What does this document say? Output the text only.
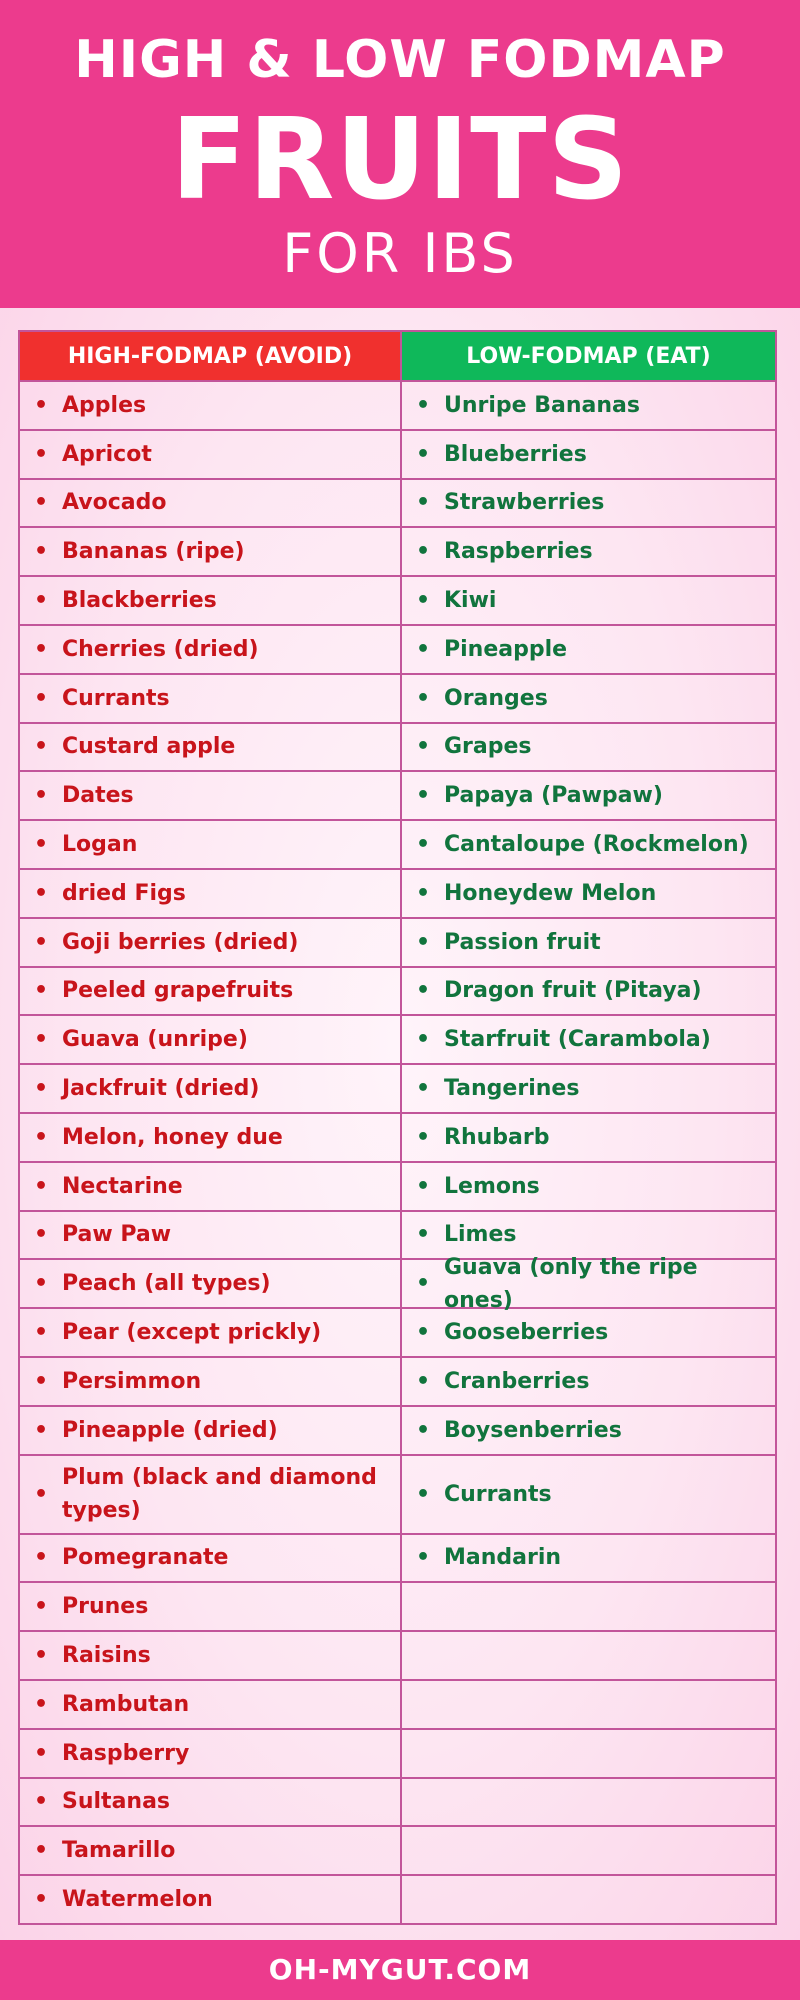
HIGH & LOW FODMAP
FRUITS
FOR IBS
HIGH-FODMAP (AVOID)	LOW-FODMAP (EAT)
• Apples
• Apricot
• Avocado
• Bananas (ripe)
• Blackberries
• Cherries (dried)
• Currants
• Custard apple
• Dates
• Logan
• dried Figs
• Goji berries (dried)
• Peeled grapefruits
• Guava (unripe)
• Jackfruit (dried)
• Melon, honey due
• Nectarine
• Paw Paw
• Peach (all types)
• Pear (except prickly)
• Persimmon
• Pineapple (dried)
•
Plum (black and diamond types)
• Pomegranate
• Prunes
• Raisins
• Rambutan
• Raspberry
• Sultanas
• Tamarillo
• Watermelon
• Unripe Bananas
• Blueberries
• Strawberries
• Raspberries
• Kiwi
• Pineapple
• Oranges
• Grapes
• Papaya (Pawpaw)
• Cantaloupe (Rockmelon)
• Honeydew Melon
• Passion fruit
• Dragon fruit (Pitaya)
• Starfruit (Carambola)
• Tangerines
• Rhubarb
• Lemons
• Limes
•
Guava (only the ripe ones)
• Gooseberries
• Cranberries
• Boysenberries
• Currants
• Mandarin
OH-MYGUT.COM
